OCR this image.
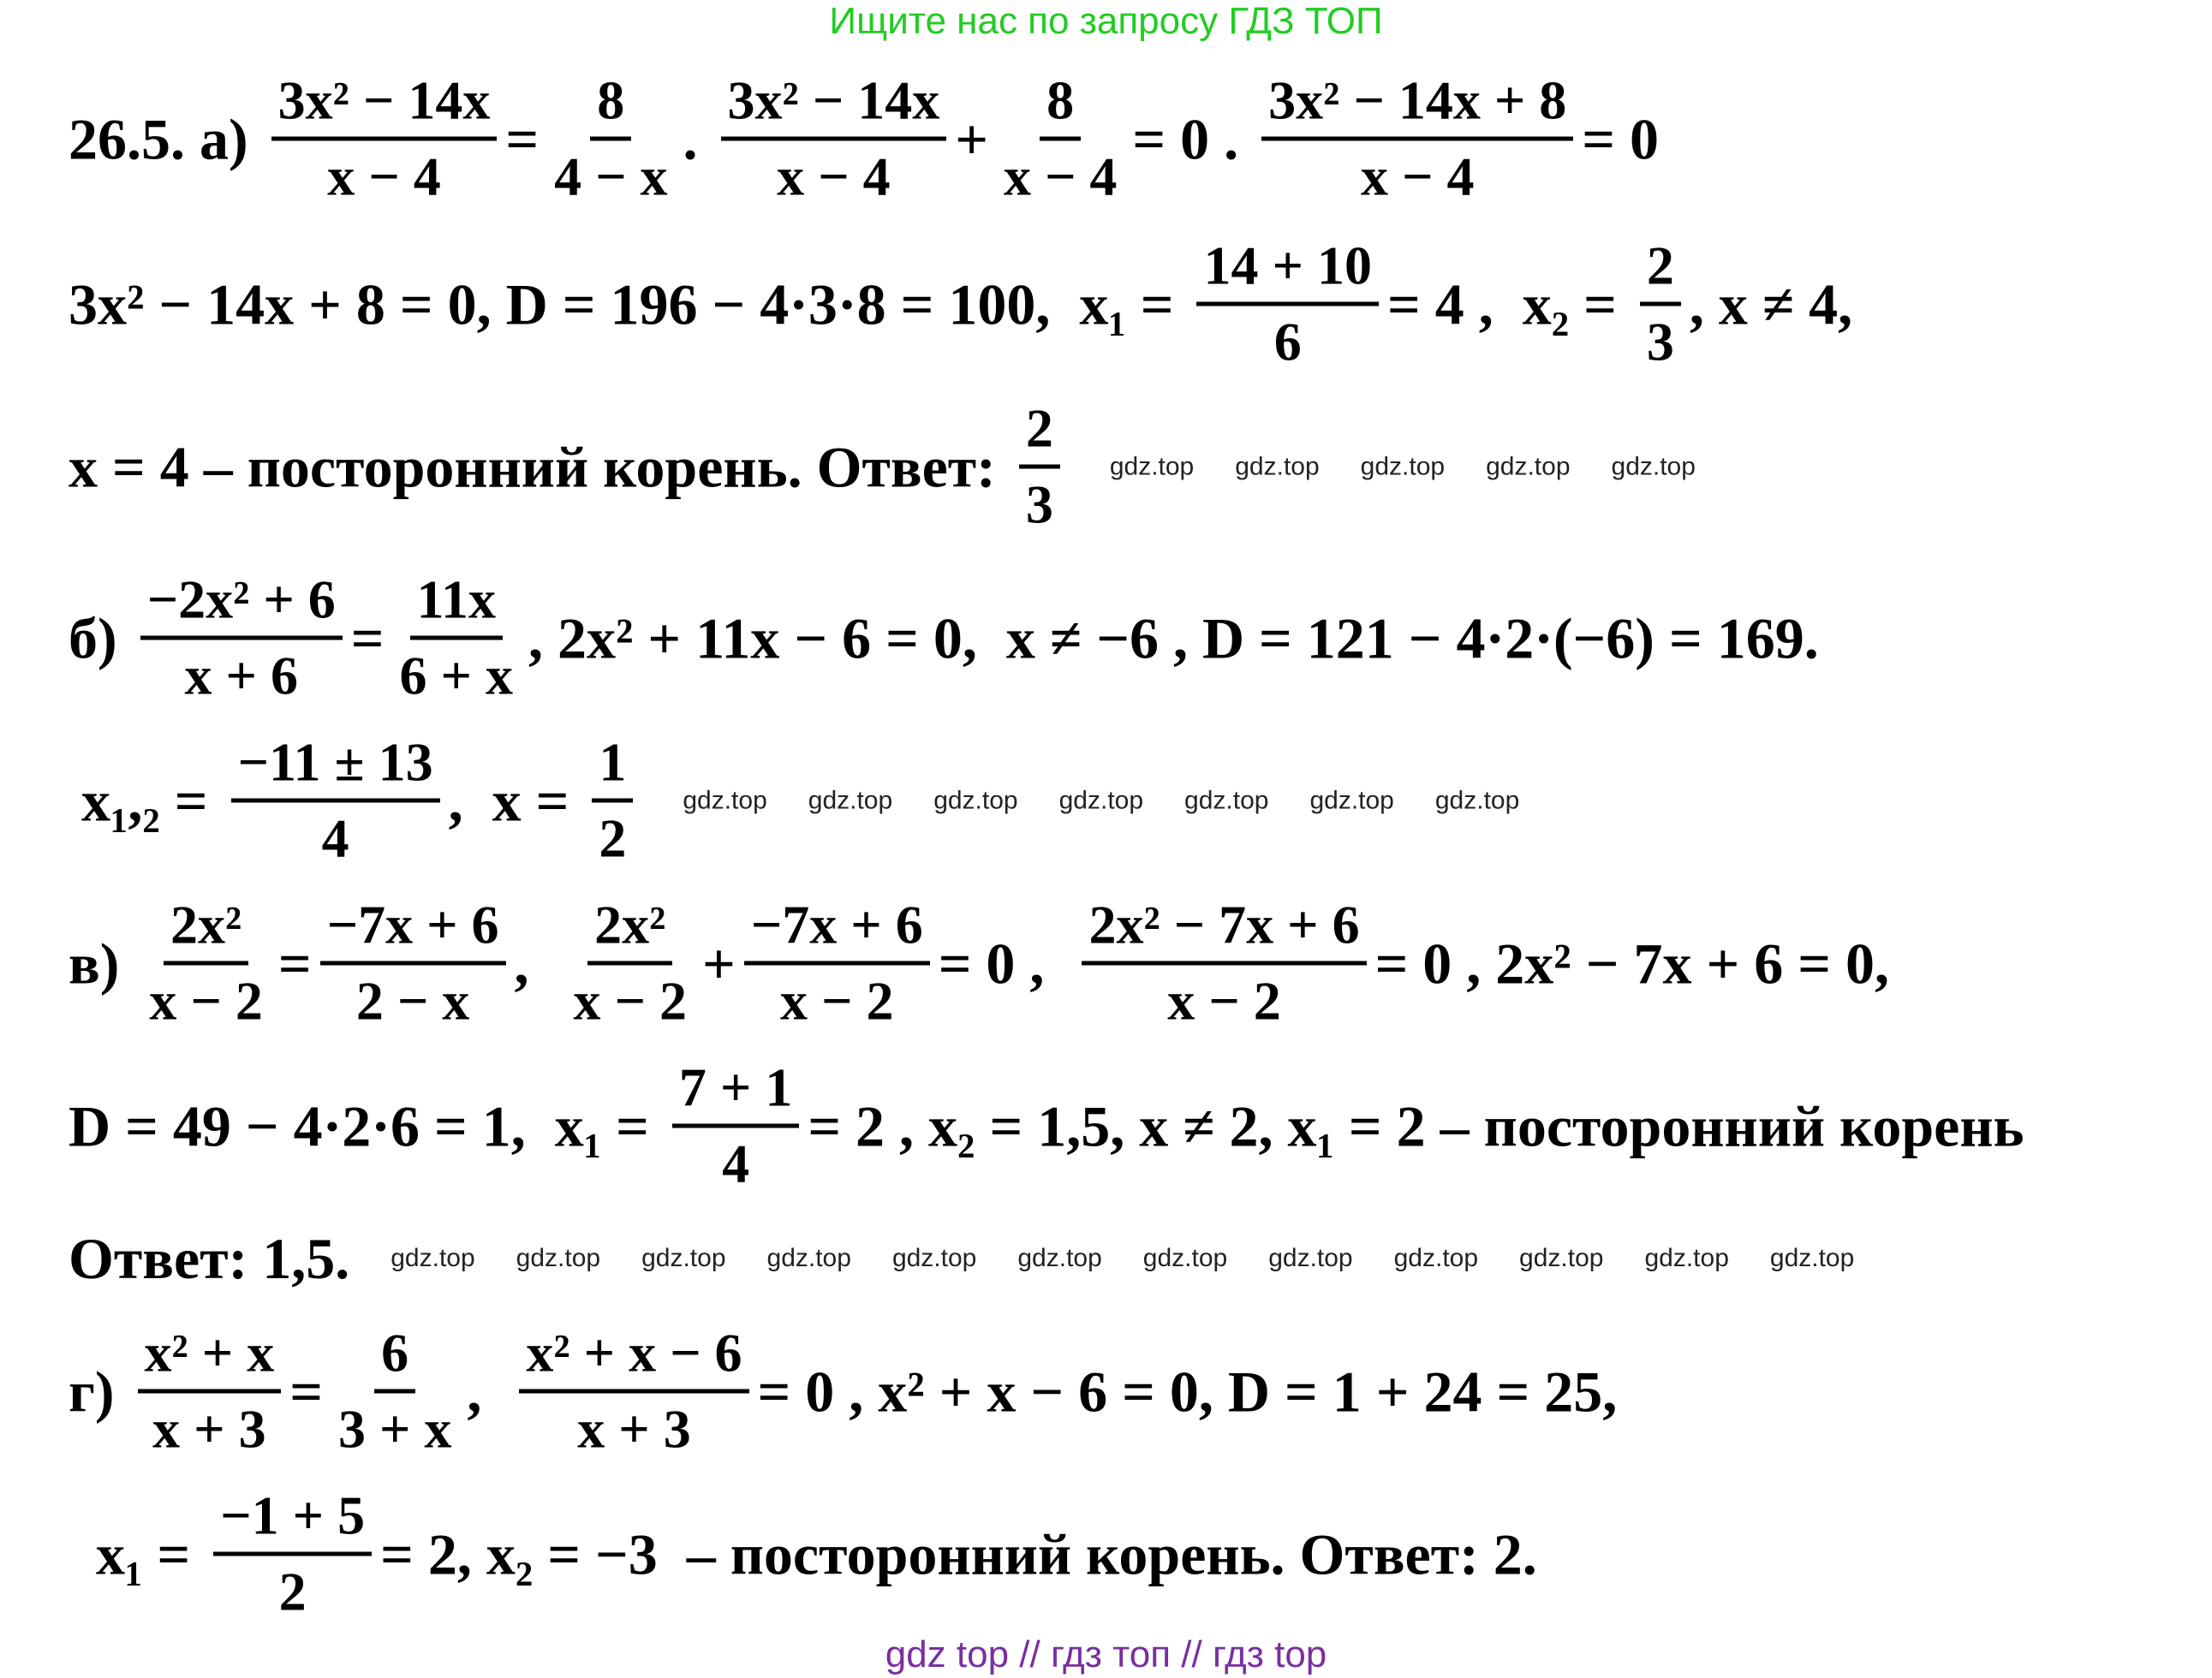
Ищите нас по запросу ГДЗ ТОП
26.5. $а) \frac{\text{3x² − 14x}}{x - 4} = \frac{8}{4 - x}$ . $\frac{\text{3x² − 14x}}{x - 4} + \frac{8}{x - 4} = 0$ . $\frac{\text{3x² − 14x + 8}}{x - 4} = 0$
3x² − 14x + 8 = 0, D = 196 − 4·3·8 = 100,  $x_1 = \frac{14 + 10}{6} = 4$ ,  $x_2 = \frac{2}{3}$ , x ≠ 4,
x = 4 – посторонний корень. Ответ: $\frac{2}{3} gdz.top$ gdz.top gdz.top gdz.top gdz.top
$б) \frac{\text{−2x² + 6}}{x + 6} = \frac{11x}{6 + x}$ , 2x² + 11x − 6 = 0,  x ≠ −6 , D = 121 − 4·2·(−6) = 169.
$x_1,_2 = \frac{-11 \pm 13}{4}$ ,  $x = \frac{1}{2} gdz.top$ gdz.top gdz.top gdz.top gdz.top gdz.top gdz.top
$в) \frac{\text{2x²}}{x - 2} = \frac{-7x + 6}{2 - x}$ , $\frac{\text{2x²}}{x - 2} + \frac{-7x + 6}{x - 2} = 0$ , $\frac{\text{2x² − 7x + 6}}{x - 2} = 0$ , 2x² − 7x + 6 = 0,
D = 49 − 4·2·6 = 1,  $x_1 = \frac{7 + 1}{4} = 2$ , x₂ = 1,5, x ≠ 2, x₁ = 2 – посторонний корень
Ответ: 1,5. gdz.top gdz.top gdz.top gdz.top gdz.top gdz.top gdz.top gdz.top gdz.top gdz.top gdz.top gdz.top
$г) \frac{\text{x² + x}}{x + 3} = \frac{6}{3 + x}$ , $\frac{\text{x² + x − 6}}{x + 3} = 0$ , x² + x − 6 = 0, D = 1 + 24 = 25,
$x_1 = \frac{-1 + 5}{2} = 2$, x₂ = −3  – посторонний корень. Ответ: 2.
gdz top // гдз топ // гдз top
